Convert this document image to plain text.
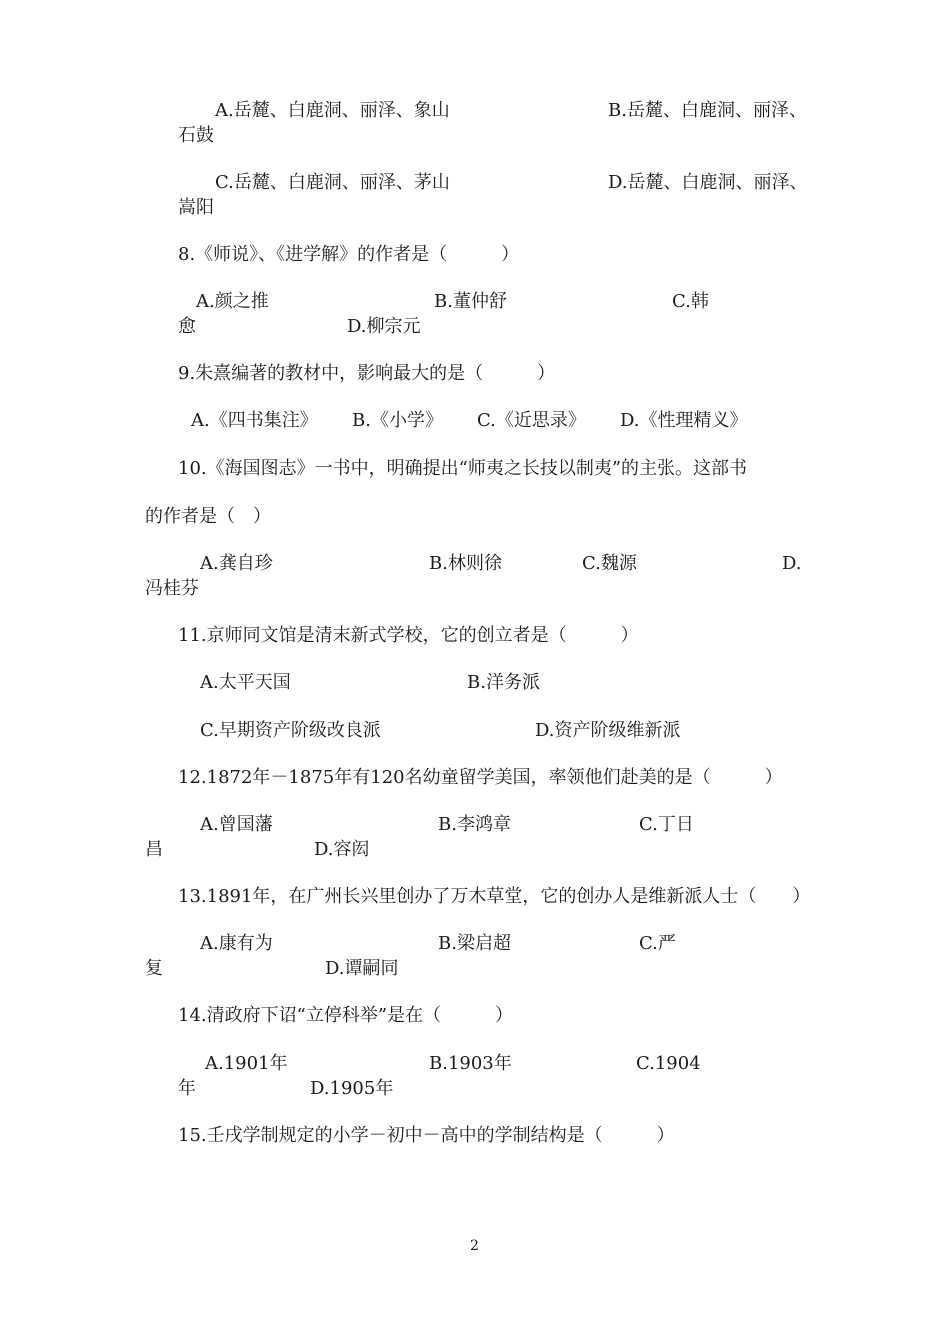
A.岳麓、白鹿洞、丽泽、象山	B.岳麓、白鹿洞、丽泽、
石鼓
C.岳麓、白鹿洞、丽泽、茅山	D.岳麓、白鹿洞、丽泽、
嵩阳
8.《师说》、《进学解》的作者是（　　　）
A.颜之推	B.董仲舒	C.韩
愈	D.柳宗元
9.朱熹编著的教材中，影响最大的是（　　　）
A.《四书集注》 B.《小学》 C.《近思录》 D.《性理精义》
10.《海国图志》一书中，明确提出“师夷之长技以制夷”的主张。这部书
的作者是（　）
A.龚自珍	B.林则徐	C.魏源	D.
冯桂芬
11.京师同文馆是清末新式学校，它的创立者是（　　　）
A.太平天国	B.洋务派
C.早期资产阶级改良派	D.资产阶级维新派
12.1872年－1875年有120名幼童留学美国，率领他们赴美的是（　　　）
A.曾国藩	B.李鸿章	C.丁日
昌	D.容闳
13.1891年，在广州长兴里创办了万木草堂，它的创办人是维新派人士（　　）
A.康有为	B.梁启超	C.严
复	D.谭嗣同
14.清政府下诏“立停科举”是在（　　　）
A.1901年	B.1903年	C.1904
年	D.1905年
15.壬戌学制规定的小学－初中－高中的学制结构是（　　　）
2
